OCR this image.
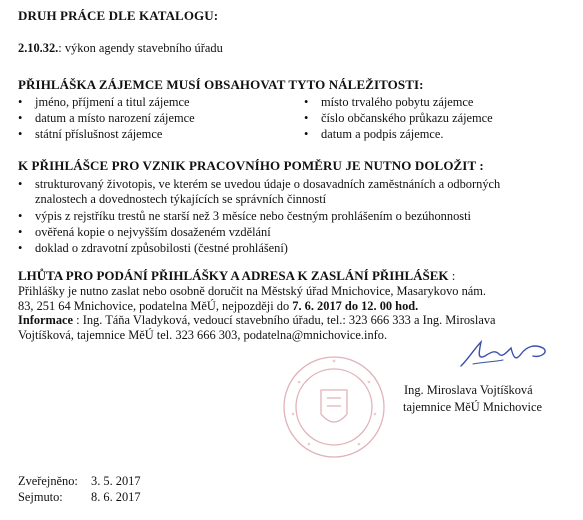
DRUH PRÁCE DLE KATALOGU:
2.10.32.: výkon agendy stavebního úřadu
PŘIHLÁŠKA ZÁJEMCE MUSÍ OBSAHOVAT TYTO NÁLEŽITOSTI:
• jméno, příjmení a titul zájemce
• datum a místo narození zájemce
• státní příslušnost zájemce
• místo trvalého pobytu zájemce
• číslo občanského průkazu zájemce
• datum a podpis zájemce.
K PŘIHLÁŠCE PRO VZNIK PRACOVNÍHO POMĚRU JE NUTNO DOLOŽIT :
• strukturovaný životopis, ve kterém se uvedou údaje o dosavadních zaměstnáních a odborných
znalostech a dovednostech týkajících se správních činností
• výpis z rejstříku trestů ne starší než 3 měsíce nebo čestným prohlášením o bezúhonnosti
• ověřená kopie o nejvyšším dosaženém vzdělání
• doklad o zdravotní způsobilosti (čestné prohlášení)
LHŮTA PRO PODÁNÍ PŘIHLÁŠKY A ADRESA K ZASLÁNÍ PŘIHLÁŠEK :
Přihlášky je nutno zaslat nebo osobně doručit na Městský úřad Mnichovice, Masarykovo nám.
83, 251 64 Mnichovice, podatelna MěÚ, nejpozději do 7. 6. 2017 do 12. 00 hod.
Informace : Ing. Táňa Vladyková, vedoucí stavebního úřadu, tel.: 323 666 333 a Ing. Miroslava
Vojtíšková, tajemnice MěÚ tel. 323 666 303, podatelna@mnichovice.info.
Ing. Miroslava Vojtíšková
tajemnice MěÚ Mnichovice
Zveřejněno: 3. 5. 2017
Sejmuto: 8. 6. 2017
